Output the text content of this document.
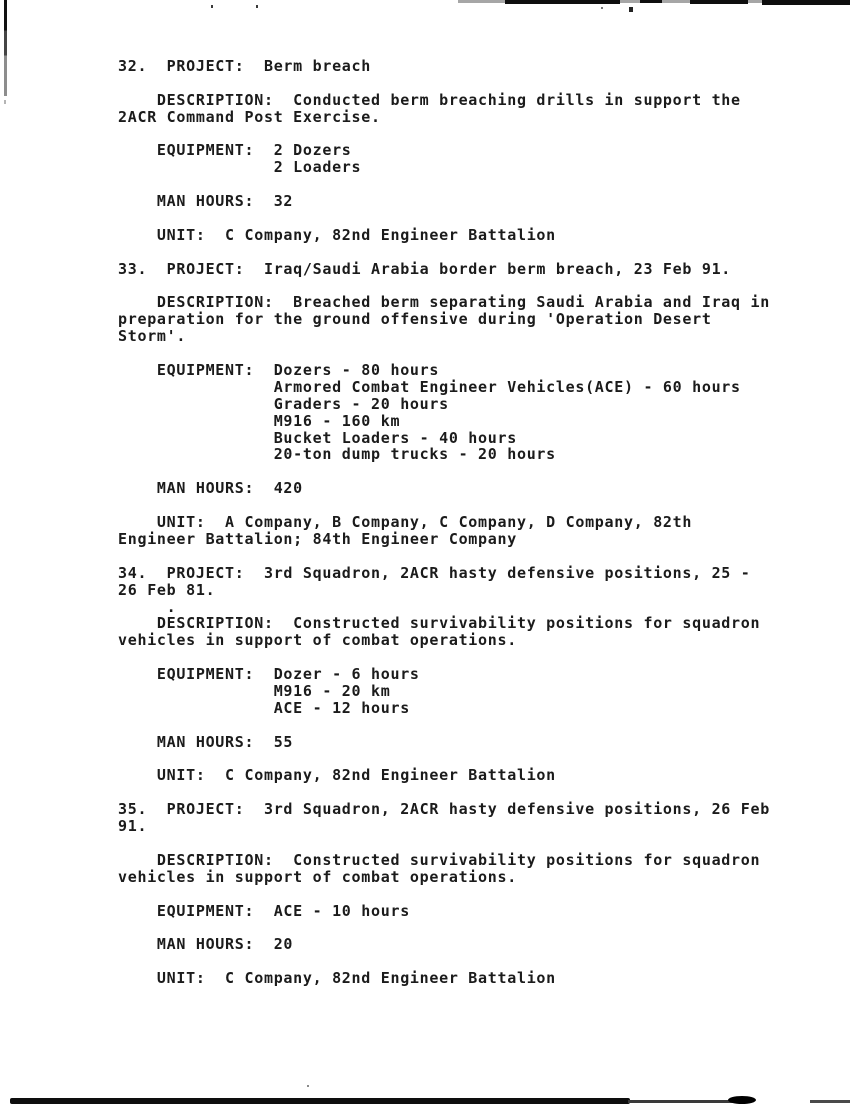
32.  PROJECT:  Berm breach

DESCRIPTION:  Conducted berm breaching drills in support the
2ACR Command Post Exercise.

EQUIPMENT:  2 Dozers
2 Loaders

MAN HOURS:  32

UNIT:  C Company, 82nd Engineer Battalion

33.  PROJECT:  Iraq/Saudi Arabia border berm breach, 23 Feb 91.

DESCRIPTION:  Breached berm separating Saudi Arabia and Iraq in
preparation for the ground offensive during 'Operation Desert
Storm'.

EQUIPMENT:  Dozers - 80 hours
Armored Combat Engineer Vehicles(ACE) - 60 hours
Graders - 20 hours
M916 - 160 km
Bucket Loaders - 40 hours
20-ton dump trucks - 20 hours

MAN HOURS:  420

UNIT:  A Company, B Company, C Company, D Company, 82th
Engineer Battalion; 84th Engineer Company

34.  PROJECT:  3rd Squadron, 2ACR hasty defensive positions, 25 -
26 Feb 81.
.
DESCRIPTION:  Constructed survivability positions for squadron
vehicles in support of combat operations.

EQUIPMENT:  Dozer - 6 hours
M916 - 20 km
ACE - 12 hours

MAN HOURS:  55

UNIT:  C Company, 82nd Engineer Battalion

35.  PROJECT:  3rd Squadron, 2ACR hasty defensive positions, 26 Feb
91.

DESCRIPTION:  Constructed survivability positions for squadron
vehicles in support of combat operations.

EQUIPMENT:  ACE - 10 hours

MAN HOURS:  20

UNIT:  C Company, 82nd Engineer Battalion
